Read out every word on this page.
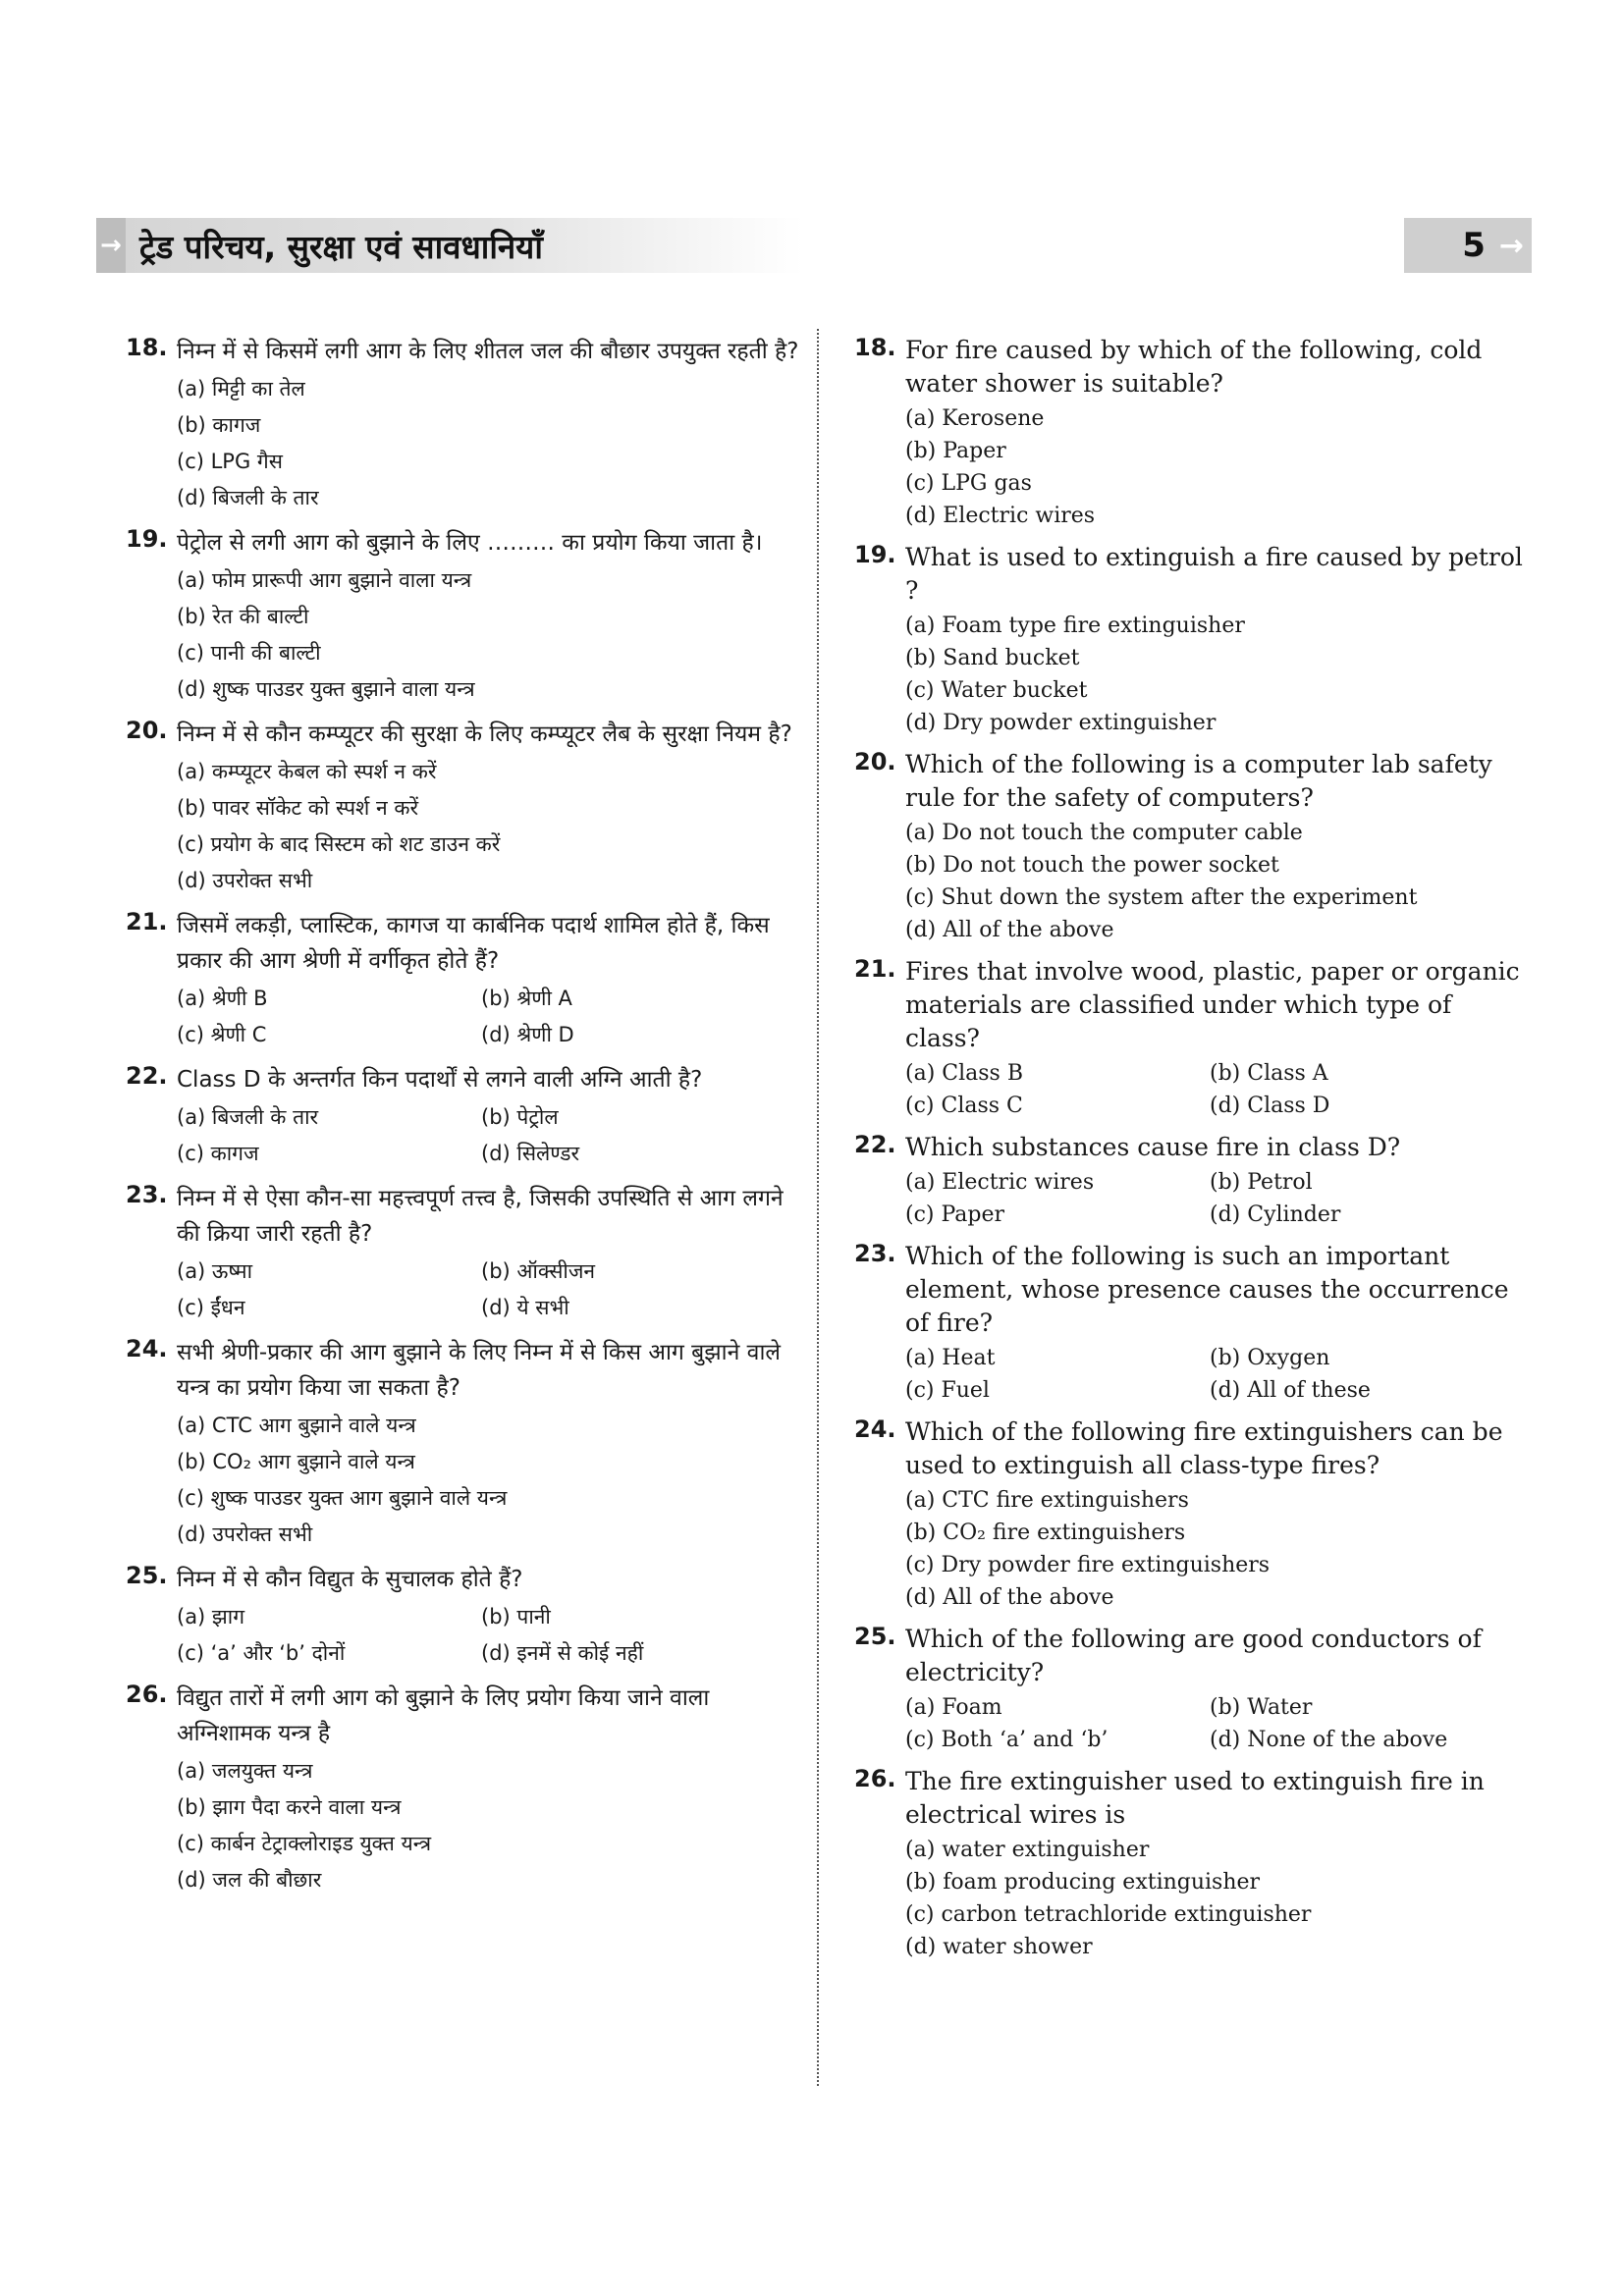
→ ट्रेड परिचय, सुरक्षा एवं सावधानियाँ	5 →
18. निम्न में से किसमें लगी आग के लिए शीतल जल की बौछार उपयुक्त रहती है?
(a) मिट्टी का तेल
(b) कागज
(c) LPG गैस
(d) बिजली के तार
19. पेट्रोल से लगी आग को बुझाने के लिए ……… का प्रयोग किया जाता है।
(a) फोम प्रारूपी आग बुझाने वाला यन्त्र
(b) रेत की बाल्टी
(c) पानी की बाल्टी
(d) शुष्क पाउडर युक्त बुझाने वाला यन्त्र
20. निम्न में से कौन कम्प्यूटर की सुरक्षा के लिए कम्प्यूटर लैब के सुरक्षा नियम है?
(a) कम्प्यूटर केबल को स्पर्श न करें
(b) पावर सॉकेट को स्पर्श न करें
(c) प्रयोग के बाद सिस्टम को शट डाउन करें
(d) उपरोक्त सभी
21. जिसमें लकड़ी, प्लास्टिक, कागज या कार्बनिक पदार्थ शामिल होते हैं, किस प्रकार की आग श्रेणी में वर्गीकृत होते हैं?
(a) श्रेणी B	(b) श्रेणी A
(c) श्रेणी C	(d) श्रेणी D
22. Class D के अन्तर्गत किन पदार्थों से लगने वाली अग्नि आती है?
(a) बिजली के तार	(b) पेट्रोल
(c) कागज	(d) सिलेण्डर
23. निम्न में से ऐसा कौन-सा महत्त्वपूर्ण तत्त्व है, जिसकी उपस्थिति से आग लगने की क्रिया जारी रहती है?
(a) ऊष्मा	(b) ऑक्सीजन
(c) ईंधन	(d) ये सभी
24. सभी श्रेणी-प्रकार की आग बुझाने के लिए निम्न में से किस आग बुझाने वाले यन्त्र का प्रयोग किया जा सकता है?
(a) CTC आग बुझाने वाले यन्त्र
(b) CO₂ आग बुझाने वाले यन्त्र
(c) शुष्क पाउडर युक्त आग बुझाने वाले यन्त्र
(d) उपरोक्त सभी
25. निम्न में से कौन विद्युत के सुचालक होते हैं?
(a) झाग	(b) पानी
(c) ‘a’ और ‘b’ दोनों	(d) इनमें से कोई नहीं
26. विद्युत तारों में लगी आग को बुझाने के लिए प्रयोग किया जाने वाला अग्निशामक यन्त्र है
(a) जलयुक्त यन्त्र
(b) झाग पैदा करने वाला यन्त्र
(c) कार्बन टेट्राक्लोराइड युक्त यन्त्र
(d) जल की बौछार
18. For fire caused by which of the following, cold water shower is suitable?
(a) Kerosene
(b) Paper
(c) LPG gas
(d) Electric wires
19. What is used to extinguish a fire caused by petrol ?
(a) Foam type fire extinguisher
(b) Sand bucket
(c) Water bucket
(d) Dry powder extinguisher
20. Which of the following is a computer lab safety rule for the safety of computers?
(a) Do not touch the computer cable
(b) Do not touch the power socket
(c) Shut down the system after the experiment
(d) All of the above
21. Fires that involve wood, plastic, paper or organic materials are classified under which type of class?
(a) Class B	(b) Class A
(c) Class C	(d) Class D
22. Which substances cause fire in class D?
(a) Electric wires	(b) Petrol
(c) Paper	(d) Cylinder
23. Which of the following is such an important element, whose presence causes the occurrence of fire?
(a) Heat	(b) Oxygen
(c) Fuel	(d) All of these
24. Which of the following fire extinguishers can be used to extinguish all class-type fires?
(a) CTC fire extinguishers
(b) CO₂ fire extinguishers
(c) Dry powder fire extinguishers
(d) All of the above
25. Which of the following are good conductors of electricity?
(a) Foam	(b) Water
(c) Both ‘a’ and ‘b’	(d) None of the above
26. The fire extinguisher used to extinguish fire in electrical wires is
(a) water extinguisher
(b) foam producing extinguisher
(c) carbon tetrachloride extinguisher
(d) water shower
